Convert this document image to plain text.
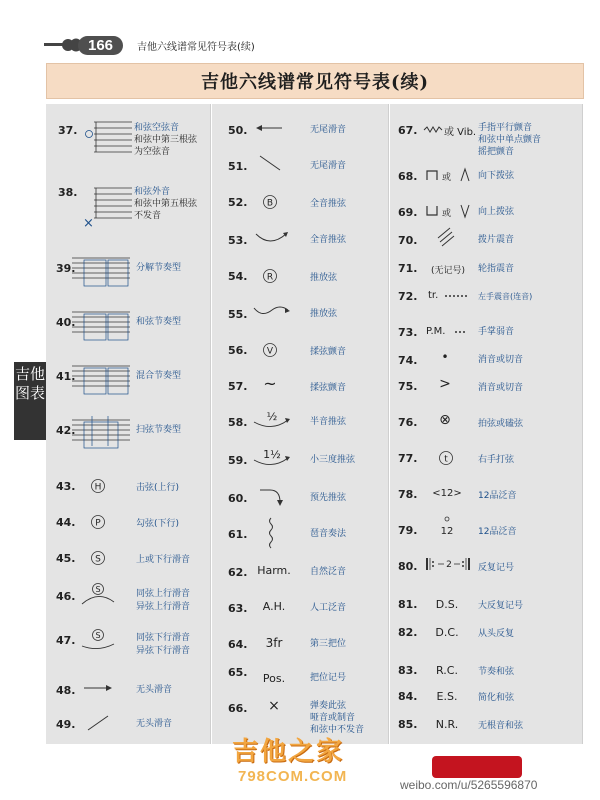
166	吉他六线谱常见符号表(续)
吉他六线谱常见符号表(续)
吉他图表
37.	和弦空弦音
和弦中第三根弦
为空弦音
38.
×
和弦外音
和弦中第五根弦
不发音
39.	分解节奏型
40.	和弦节奏型
41.	混合节奏型
42.	扫弦节奏型
43. H	击弦(上行)
44. P	勾弦(下行)
45. S	上或下行滑音
46.
S	同弦上行滑音
异弦上行滑音
47. S	同弦下行滑音
异弦下行滑音
48.	无头滑音
49.	无头滑音
50.	无尾滑音
51.	无尾滑音
52. B	全音推弦
53.	全音推弦
54. R	推放弦
55.	推放弦
56. V	揉弦颤音
57. ~	揉弦颤音
58. ½	半音推弦
59. 1½	小三度推弦
60.	预先推弦
61.	琶音奏法
62. Harm.	自然泛音
63.	A.H.	人工泛音
64.	3fr	第三把位
65.	Pos.	把位记号
66. ×	弹奏此弦
哑音或制音
和弦中不发音
67.	或 Vib. 手指平行颤音
和弦中单点颤音
摇把颤音
68.	或	向下拨弦
69.	或	向上拨弦
70.	拨片震音
71.	(无记号)	轮指震音
72. tr.	左手震音(连音)
73. P.M.	手掌弱音
74. •	消音或切音
75. >	消音或切音
76. ⊗	拍弦或磕弦
77.	t	右手打弦
78. <12> 12品泛音
79.	12	12品泛音
80.	2	反复记号
81.	D.S.	大反复记号
82.	D.C.	从头反复
83.	R.C.	节奏和弦
84.	E.S.	简化和弦
85.	N.R.	无根音和弦
吉他之家
798COM.COM	weibo.com/u/5265596870
